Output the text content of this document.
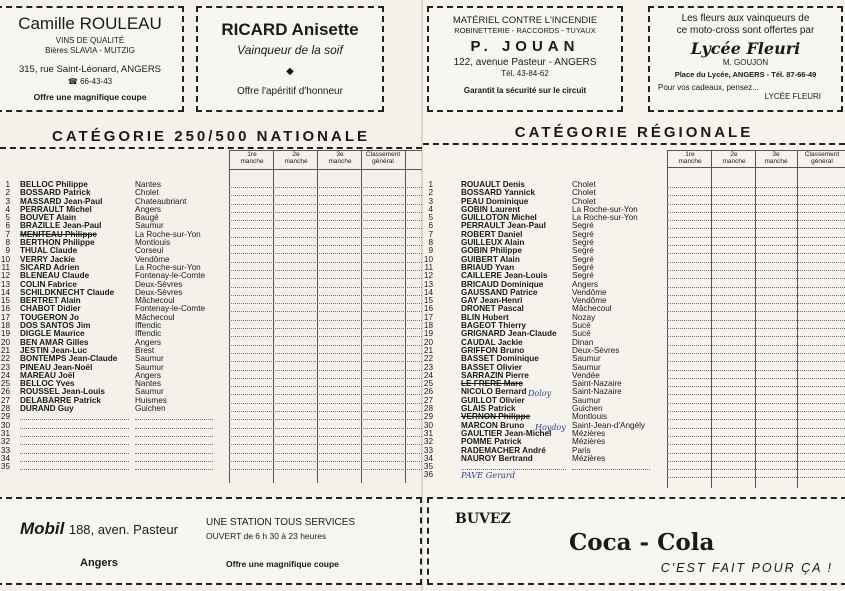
Camille ROULEAU
VINS DE QUALITÉ
Bières SLAVIA - MUTZIG
315, rue Saint-Léonard, ANGERS
☎ 66-43-43
Offre une magnifique coupe
RICARD Anisette
Vainqueur de la soif
◆
Offre l'apéritif d'honneur
CATÉGORIE 250/500 NATIONALE
1re manche
2e manche
3e manche
Classement général
1 BELLOC Philippe	Nantes
2 BOSSARD Patrick	Cholet
3 MASSARD Jean-Paul	Chateaubriant
4 PERRAULT Michel	Angers
5 BOUVET Alain	Baugé
6 BRAZILLE Jean-Paul	Saumur
7 MENITEAU Philippe	La Roche-sur-Yon
8 BERTHON Philippe	Montlouis
9 THUAL Claude	Corseul
10 VERRY Jackie	Vendôme
11 SICARD Adrien	La Roche-sur-Yon
12 BLENEAU Claude	Fontenay-le-Comte
13 COLIN Fabrice	Deux-Sèvres
14 SCHILDKNECHT Claude	Deux-Sèvres
15 BERTRET Alain	Mâchecoul
16 CHABOT Didier	Fontenay-le-Comte
17 TOUGERON Jo	Mâchecoul
18 DOS SANTOS Jim	Iffendic
19 DIGGLE Maurice	Iffendic
20 BEN AMAR Gilles	Angers
21 JESTIN Jean-Luc	Brest
22 BONTEMPS Jean-Claude Saumur
23 PINEAU Jean-Noël	Saumur
24 MAREAU Joël	Angers
25 BELLOC Yves	Nantes
26 ROUSSEL Jean-Louis	Saumur
27 DELABARRE Patrick	Huismes
28 DURAND Guy	Guichen
29
30
31
32
33
34
35
Mobil 188, aven. Pasteur
Angers
UNE STATION TOUS SERVICES
OUVERT de 6 h 30 à 23 heures
Offre une magnifique coupe
MATÉRIEL CONTRE L'INCENDIE
ROBINETTERIE - RACCORDS - TUYAUX
P. JOUAN
122, avenue Pasteur - ANGERS
Tél. 43-84-62
Garantit la sécurité sur le circuit
Les fleurs aux vainqueurs de
ce moto-cross sont offertes par
Lycée Fleuri
M. GOUJON
Place du Lycée, ANGERS - Tél. 87-66-49
Pour vos cadeaux, pensez...
LYCÉE FLEURI
CATÉGORIE RÉGIONALE
1re manche
2e manche
3e manche
Classement général
1	ROUAULT Denis	Cholet
2	BOSSARD Yannick	Cholet
3	PEAU Dominique	Cholet
4	GOBIN Laurent	La Roche-sur-Yon
5	GUILLOTON Michel	La Roche-sur-Yon
6	PERRAULT Jean-Paul	Segré
7	ROBERT Daniel	Segré
8	GUILLEUX Alain	Segré
9	GOBIN Philippe	Segré
10	GUIBERT Alain	Segré
11	BRIAUD Yvan	Segré
12	CAILLERE Jean-Louis	Segré
13	BRICAUD Dominique	Angers
14	GAUSSAND Patrice	Vendôme
15	GAY Jean-Henri	Vendôme
16	DRONET Pascal	Mâchecoul
17	BLIN Hubert	Nozay
18	BAGEOT Thierry	Sucé
19	GRIGNARD Jean-Claude Sucé
20	CAUDAL Jackie	Dinan
21	GRIFFON Bruno	Deux-Sèvres
22	BASSET Dominique	Saumur
23	BASSET Olivier	Saumur
24	SARRAZIN Pierre	Vendée
25	LE FRERE Marc	Saint-Nazaire
26	NICOLO Bernard	Saint-Nazaire
27	GUILLOT Olivier	Saumur
28	GLAIS Patrick	Guichen
29	VERNON Philippe	Montlouis
30	MARCON Bruno	Saint-Jean-d'Angély
31	GAULTIER Jean-Michel	Mézières
32	POMME Patrick	Mézières
33	RADEMACHER André	Paris
34	NAUROY Bertrand	Mézières
35
36	PAVE Gerard
Doloy
Hoydoy
BUVEZ
Coca - Cola
C'EST FAIT POUR ÇA !
